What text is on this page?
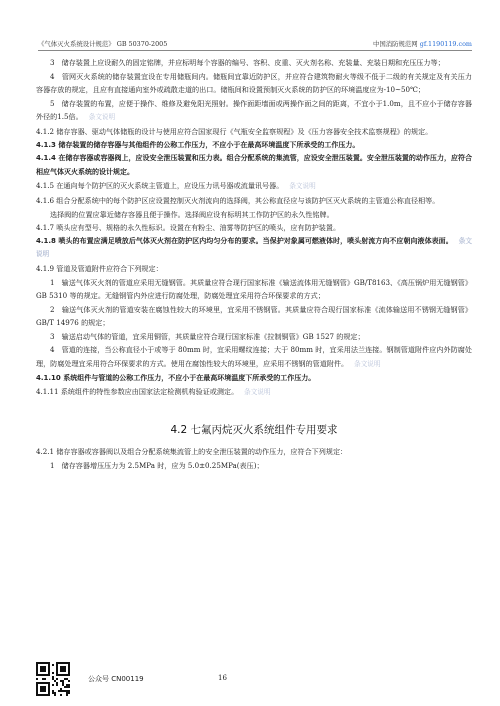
《气体灭火系统设计规范》 GB 50370-2005	中国消防规范网 gf.1190119.com

3　储存装置上应设耐久的固定铭牌，并应标明每个容器的编号、容积、皮重、灭火剂名称、充装量、充装日期和充压压力等；

4　管网灭火系统的储存装置宜设在专用储瓶间内。储瓶间宜靠近防护区，并应符合建筑物耐火等级不低于二级的有关规定及有关压力容器存放的规定，且应有直接通向室外或疏散走道的出口。储瓶间和设置预制灭火系统的防护区的环境温度应为-10~50℃；

5　储存装置的布置，应便于操作、维修及避免阳光照射。操作面距墙面或两操作面之间的距离，不宜小于1.0m，且不应小于储存容器外径的1.5倍。 条文说明

4.1.2 储存容器、驱动气体储瓶的设计与使用应符合国家现行《气瓶安全监察规程》及《压力容器安全技术监察规程》的规定。

4.1.3 储存装置的储存容器与其他组件的公称工作压力，不应小于在最高环境温度下所承受的工作压力。

4.1.4 在储存容器或容器阀上，应设安全泄压装置和压力表。组合分配系统的集流管，应设安全泄压装置。安全泄压装置的动作压力，应符合相应气体灭火系统的设计规定。

4.1.5 在通向每个防护区的灭火系统主管道上，应设压力讯号器或流量讯号器。 条文说明

4.1.6 组合分配系统中的每个防护区应设置控制灭火剂流向的选择阀，其公称直径应与该防护区灭火系统的主管道公称直径相等。

选择阀的位置应靠近储存容器且便于操作。选择阀应设有标明其工作防护区的永久性铭牌。

4.1.7 喷头应有型号、规格的永久性标识。设置在有粉尘、油雾等防护区的喷头，应有防护装置。

4.1.8 喷头的布置应满足喷放后气体灭火剂在防护区内均匀分布的要求。当保护对象属可燃液体时，喷头射流方向不应朝向液体表面。 条文说明

4.1.9 管道及管道附件应符合下列规定：

1　输送气体灭火剂的管道应采用无缝钢管。其质量应符合现行国家标准《输送流体用无缝钢管》GB/T8163、《高压锅炉用无缝钢管》GB 5310 等的规定。无缝钢管内外应进行防腐处理，防腐处理宜采用符合环保要求的方式；

2　输送气体灭火剂的管道安装在腐蚀性较大的环境里，宜采用不锈钢管。其质量应符合现行国家标准《流体输送用不锈钢无缝钢管》GB/T 14976 的规定；

3　输送启动气体的管道，宜采用铜管，其质量应符合现行国家标准《拉制铜管》GB 1527 的规定；

4　管道的连接，当公称直径小于或等于 80mm 时，宜采用螺纹连接；大于 80mm 时，宜采用法兰连接。钢制管道附件应内外防腐处理，防腐处理宜采用符合环保要求的方式。使用在腐蚀性较大的环境里，应采用不锈钢的管道附件。 条文说明

4.1.10 系统组件与管道的公称工作压力，不应小于在最高环境温度下所承受的工作压力。

4.1.11 系统组件的特性参数应由国家法定检测机构验证或测定。 条文说明

4.2 七氟丙烷灭火系统组件专用要求

4.2.1 储存容器或容器阀以及组合分配系统集流管上的安全泄压装置的动作压力，应符合下列规定：

1　储存容器增压压力为 2.5MPa 时，应为 5.0±0.25MPa(表压)；

公众号 CN00119	16
